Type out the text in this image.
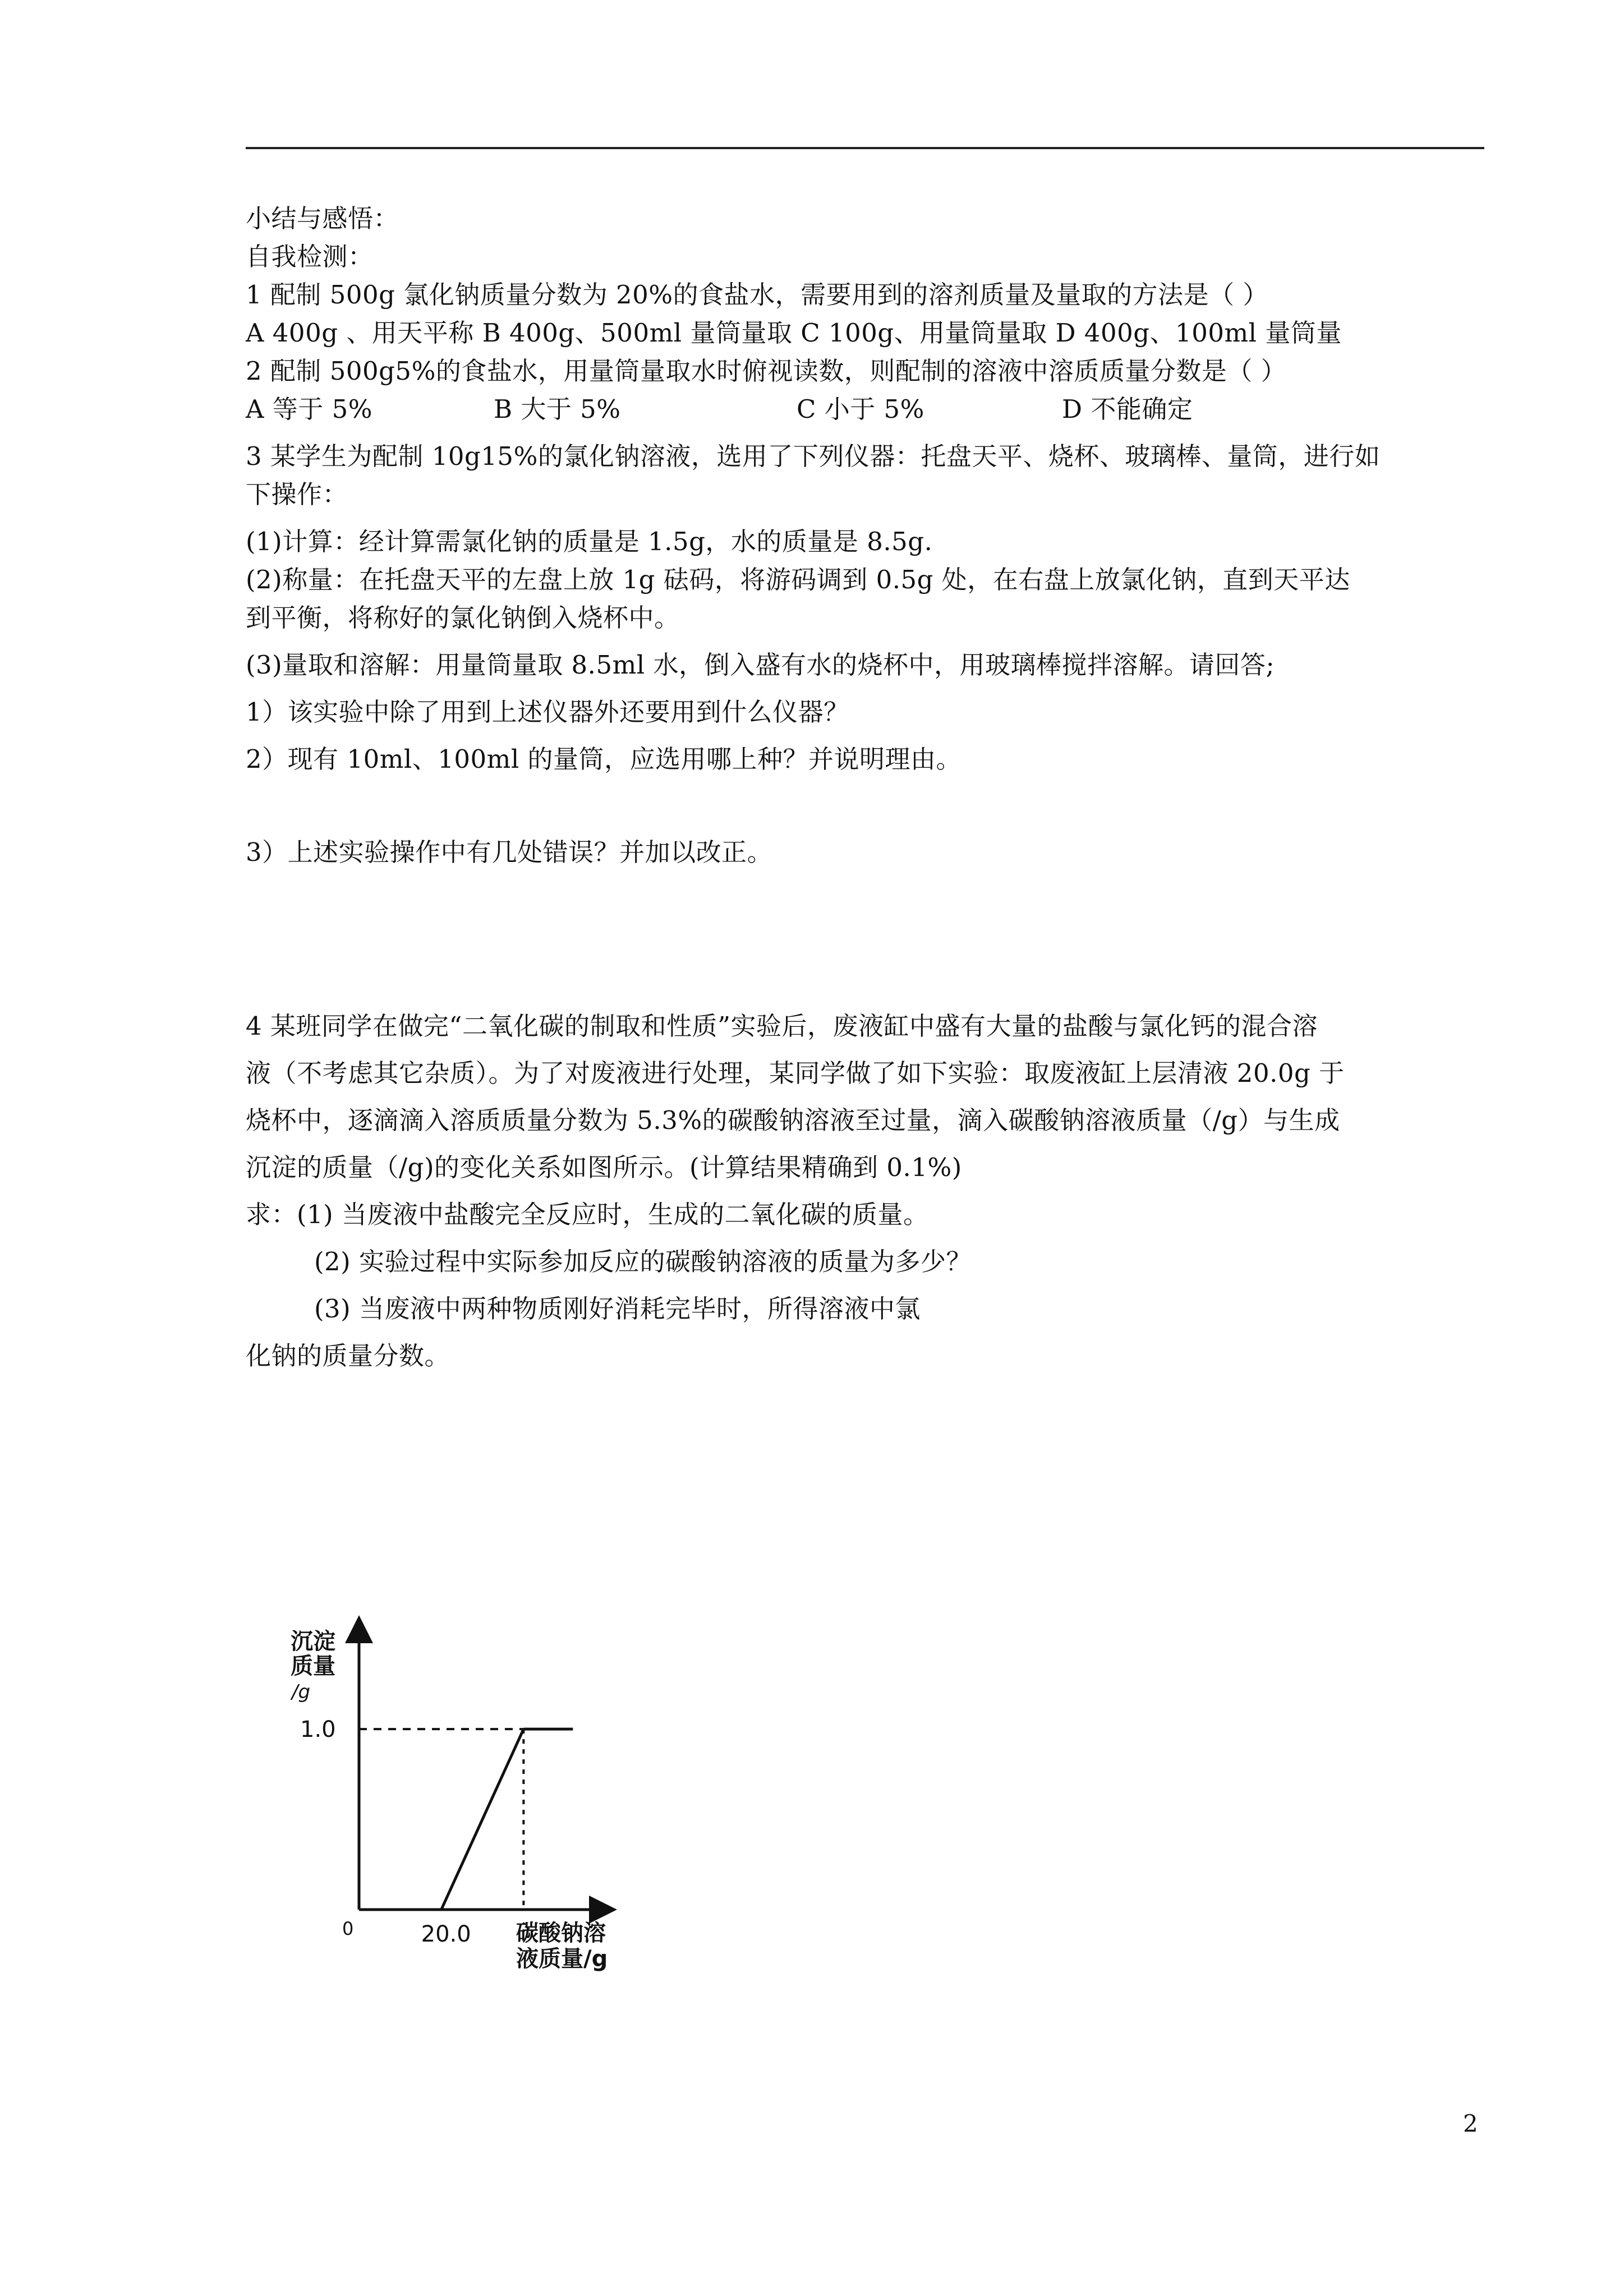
小结与感悟：
自我检测：
1 配制 500g 氯化钠质量分数为 20%的食盐水，需要用到的溶剂质量及量取的方法是（ ）
A 400g 、用天平称 B 400g、500ml 量筒量取 C 100g、用量筒量取 D 400g、100ml 量筒量
2 配制 500g5%的食盐水，用量筒量取水时俯视读数，则配制的溶液中溶质质量分数是（ ）
A 等于 5%	B 大于 5%	C 小于 5%	D 不能确定
3 某学生为配制 10g15%的氯化钠溶液，选用了下列仪器：托盘天平、烧杯、玻璃棒、量筒，进行如
下操作：
(1)计算：经计算需氯化钠的质量是 1.5g，水的质量是 8.5g.
(2)称量：在托盘天平的左盘上放 1g 砝码，将游码调到 0.5g 处，在右盘上放氯化钠，直到天平达
到平衡，将称好的氯化钠倒入烧杯中。
(3)量取和溶解：用量筒量取 8.5ml 水，倒入盛有水的烧杯中，用玻璃棒搅拌溶解。请回答;
1）该实验中除了用到上述仪器外还要用到什么仪器？
2）现有 10ml、100ml 的量筒，应选用哪上种？并说明理由。
3）上述实验操作中有几处错误？并加以改正。
4 某班同学在做完“二氧化碳的制取和性质”实验后，废液缸中盛有大量的盐酸与氯化钙的混合溶
液（不考虑其它杂质）。为了对废液进行处理，某同学做了如下实验：取废液缸上层清液 20.0g 于
烧杯中，逐滴滴入溶质质量分数为 5.3%的碳酸钠溶液至过量，滴入碳酸钠溶液质量（/g）与生成
沉淀的质量（/g)的变化关系如图所示。(计算结果精确到 0.1%)
求：(1) 当废液中盐酸完全反应时，生成的二氧化碳的质量。
(2) 实验过程中实际参加反应的碳酸钠溶液的质量为多少？
(3) 当废液中两种物质刚好消耗完毕时，所得溶液中氯
化钠的质量分数。
沉淀
质量
/g
1.0
0	20.0 碳酸钠溶
液质量/g
2
